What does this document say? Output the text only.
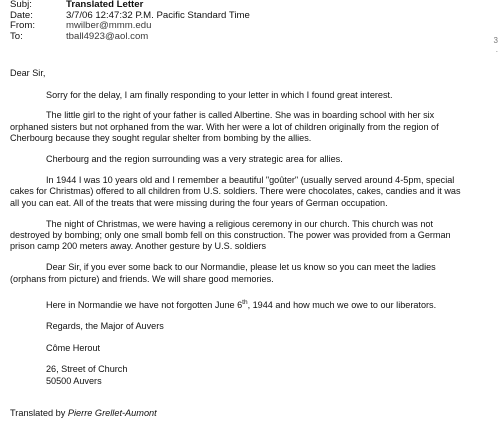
Subj:	Translated Letter
Date:	3/7/06 12:47:32 P.M. Pacific Standard Time
From:	mwilber@mmm.edu
To:	tball4923@aol.com	3
.

Dear Sir,

Sorry for the delay, I am finally responding to your letter in which I found great interest.

The little girl to the right of your father is called Albertine. She was in boarding school with her six
orphaned sisters but not orphaned from the war. With her were a lot of children originally from the region of
Cherbourg because they sought regular shelter from bombing by the allies.

Cherbourg and the region surrounding was a very strategic area for allies.

In 1944 I was 10 years old and I remember a beautiful "goûter" (usually served around 4-5pm, special
cakes for Christmas) offered to all children from U.S. soldiers. There were chocolates, cakes, candies and it was
all you can eat. All of the treats that were missing during the four years of German occupation.
The night of Christmas, we were having a religious ceremony in our church. This church was not
destroyed by bombing; only one small bomb fell on this construction. The power was provided from a German
prison camp 200 meters away. Another gesture by U.S. soldiers
Dear Sir, if you ever some back to our Normandie, please let us know so you can meet the ladies
(orphans from picture) and friends. We will share good memories.

Here in Normandie we have not forgotten June 6th, 1944 and how much we owe to our liberators.

Regards, the Major of Auvers

Côme Herout

26, Street of Church
50500 Auvers
Translated by Pierre Grellet-Aumont
